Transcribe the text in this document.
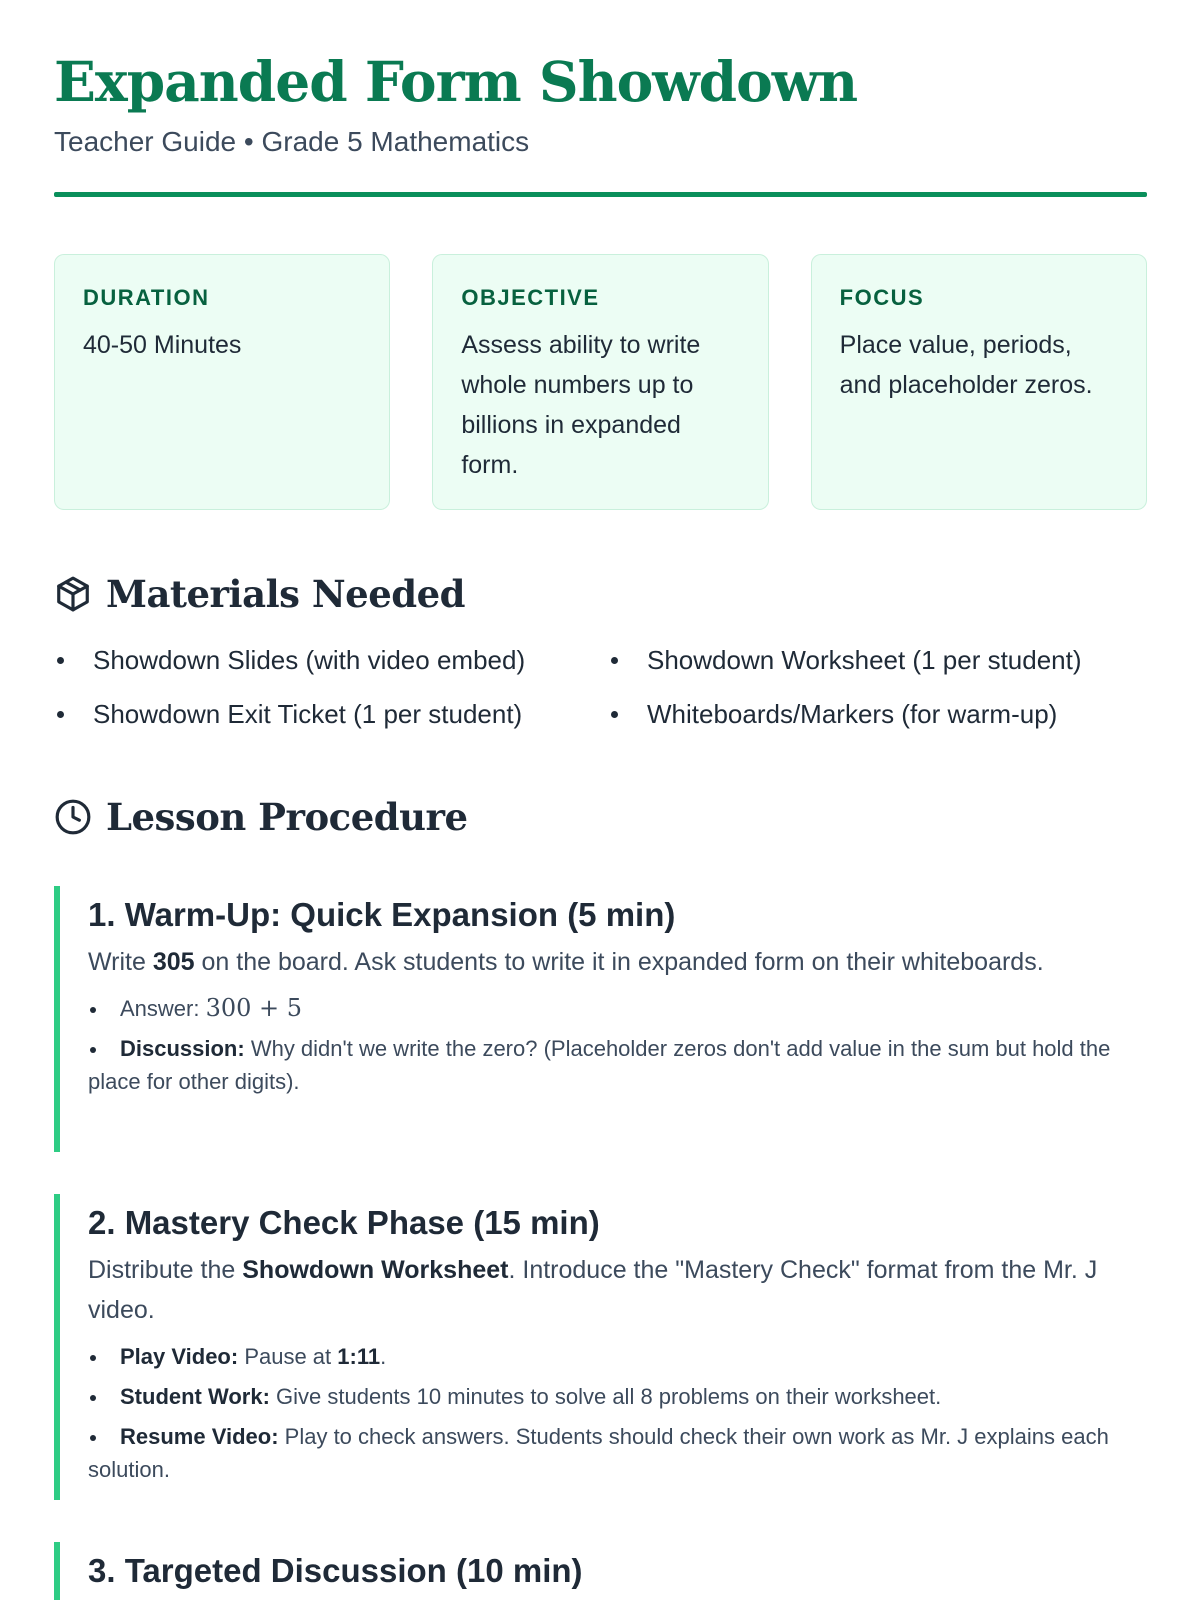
Expanded Form Showdown
Teacher Guide • Grade 5 Mathematics
DURATION
40-50 Minutes
OBJECTIVE
Assess ability to write whole numbers up to billions in expanded form.
FOCUS
Place value, periods, and placeholder zeros.
Materials Needed
Showdown Slides (with video embed)	Showdown Worksheet (1 per student)
Showdown Exit Ticket (1 per student)	Whiteboards/Markers (for warm-up)
Lesson Procedure
1. Warm-Up: Quick Expansion (5 min)

Write 305 on the board. Ask students to write it in expanded form on their whiteboards.

Answer: 300 + 5
Discussion: Why didn't we write the zero? (Placeholder zeros don't add value in the sum but hold the place for other digits).
2. Mastery Check Phase (15 min)

Distribute the Showdown Worksheet. Introduce the "Mastery Check" format from the Mr. J video.

Play Video: Pause at 1:11.
Student Work: Give students 10 minutes to solve all 8 problems on their worksheet.
Resume Video: Play to check answers. Students should check their own work as Mr. J explains each solution.
3. Targeted Discussion (10 min)
